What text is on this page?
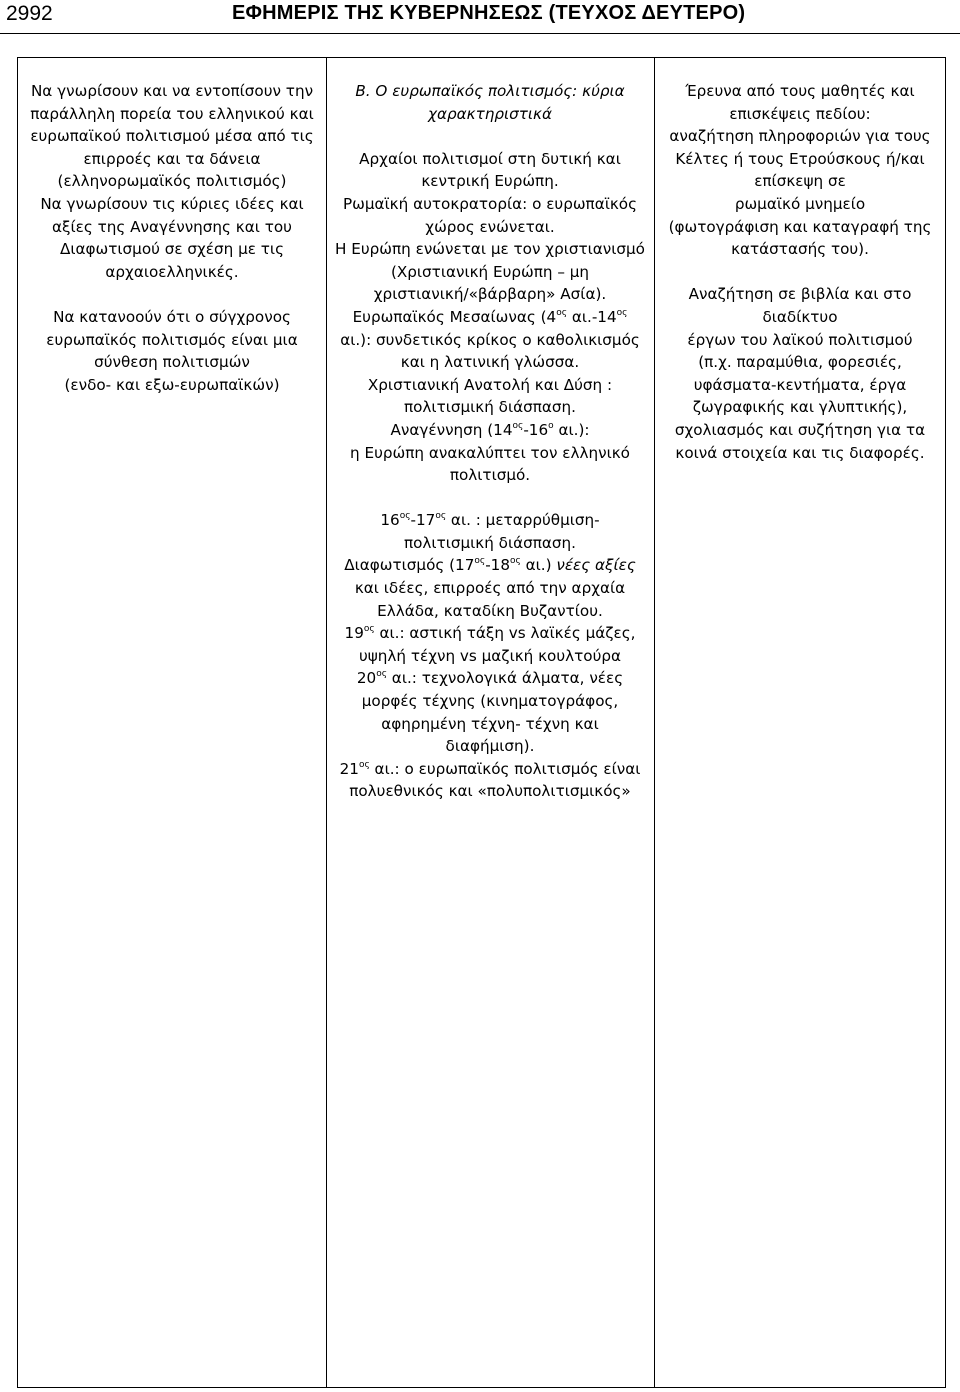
2992	ΕΦΗΜΕΡΙΣ ΤΗΣ ΚΥΒΕΡΝΗΣΕΩΣ (ΤΕΥΧΟΣ ΔΕΥΤΕΡΟ)

Να γνωρίσουν και να εντοπίσουν την

παράλληλη πορεία του ελληνικού και

ευρωπαϊκού πολιτισμού μέσα από τις

επιρροές και τα δάνεια

(ελληνορωμαϊκός πολιτισμός)

Να γνωρίσουν τις κύριες ιδέες και

αξίες της Αναγέννησης και του

Διαφωτισμού σε σχέση με τις

αρχαιοελληνικές.

Να κατανοούν ότι ο σύγχρονος

ευρωπαϊκός πολιτισμός είναι μια

σύνθεση πολιτισμών

(ενδο- και εξω-ευρωπαϊκών)

Β. Ο ευρωπαϊκός πολιτισμός: κύρια

χαρακτηριστικά

Αρχαίοι πολιτισμοί στη δυτική και

κεντρική Ευρώπη.

Ρωμαϊκή αυτοκρατορία: ο ευρωπαϊκός

χώρος ενώνεται.

Η Ευρώπη ενώνεται με τον χριστιανισμό

(Χριστιανική Ευρώπη – μη

χριστιανική/«βάρβαρη» Ασία).

Ευρωπαϊκός Μεσαίωνας ($4^{o\varsigma}$ $\alpha\iota.-14^{o\varsigma}$

αι.): συνδετικός κρίκος ο καθολικισμός

και η λατινική γλώσσα.

Χριστιανική Ανατολή και Δύση :

πολιτισμική διάσπαση.

Αναγέννηση ($14^{o\varsigma}-16^o$ αι.):

η Ευρώπη ανακαλύπτει τον ελληνικό

πολιτισμό.

$16^{o\varsigma}-17^{o\varsigma}$ αι. : μεταρρύθμιση-

πολιτισμική διάσπαση.

Διαφωτισμός ($17^{o\varsigma}-18^{o\varsigma}$ αι.) νέες αξίες

και ιδέες, επιρροές από την αρχαία

Ελλάδα, καταδίκη Βυζαντίου.

$19^{o\varsigma}$ αι.: αστική τάξη vs λαϊκές μάζες,

υψηλή τέχνη vs μαζική κουλτούρα

$20^{o\varsigma}$ αι.: τεχνολογικά άλματα, νέες

μορφές τέχνης (κινηματογράφος,

αφηρημένη τέχνη- τέχνη και

διαφήμιση).

$21^{o\varsigma}$ αι.: ο ευρωπαϊκός πολιτισμός είναι

πολυεθνικός και «πολυπολιτισμικός»

Έρευνα από τους μαθητές και

επισκέψεις πεδίου:

αναζήτηση πληροφοριών για τους

Κέλτες ή τους Ετρούσκους ή/και

επίσκεψη σε

ρωμαϊκό μνημείο

(φωτογράφιση και καταγραφή της

κατάστασής του).

Αναζήτηση σε βιβλία και στο

διαδίκτυο

έργων του λαϊκού πολιτισμού

(π.χ. παραμύθια, φορεσιές,

υφάσματα-κεντήματα, έργα

ζωγραφικής και γλυπτικής),

σχολιασμός και συζήτηση για τα

κοινά στοιχεία και τις διαφορές.
